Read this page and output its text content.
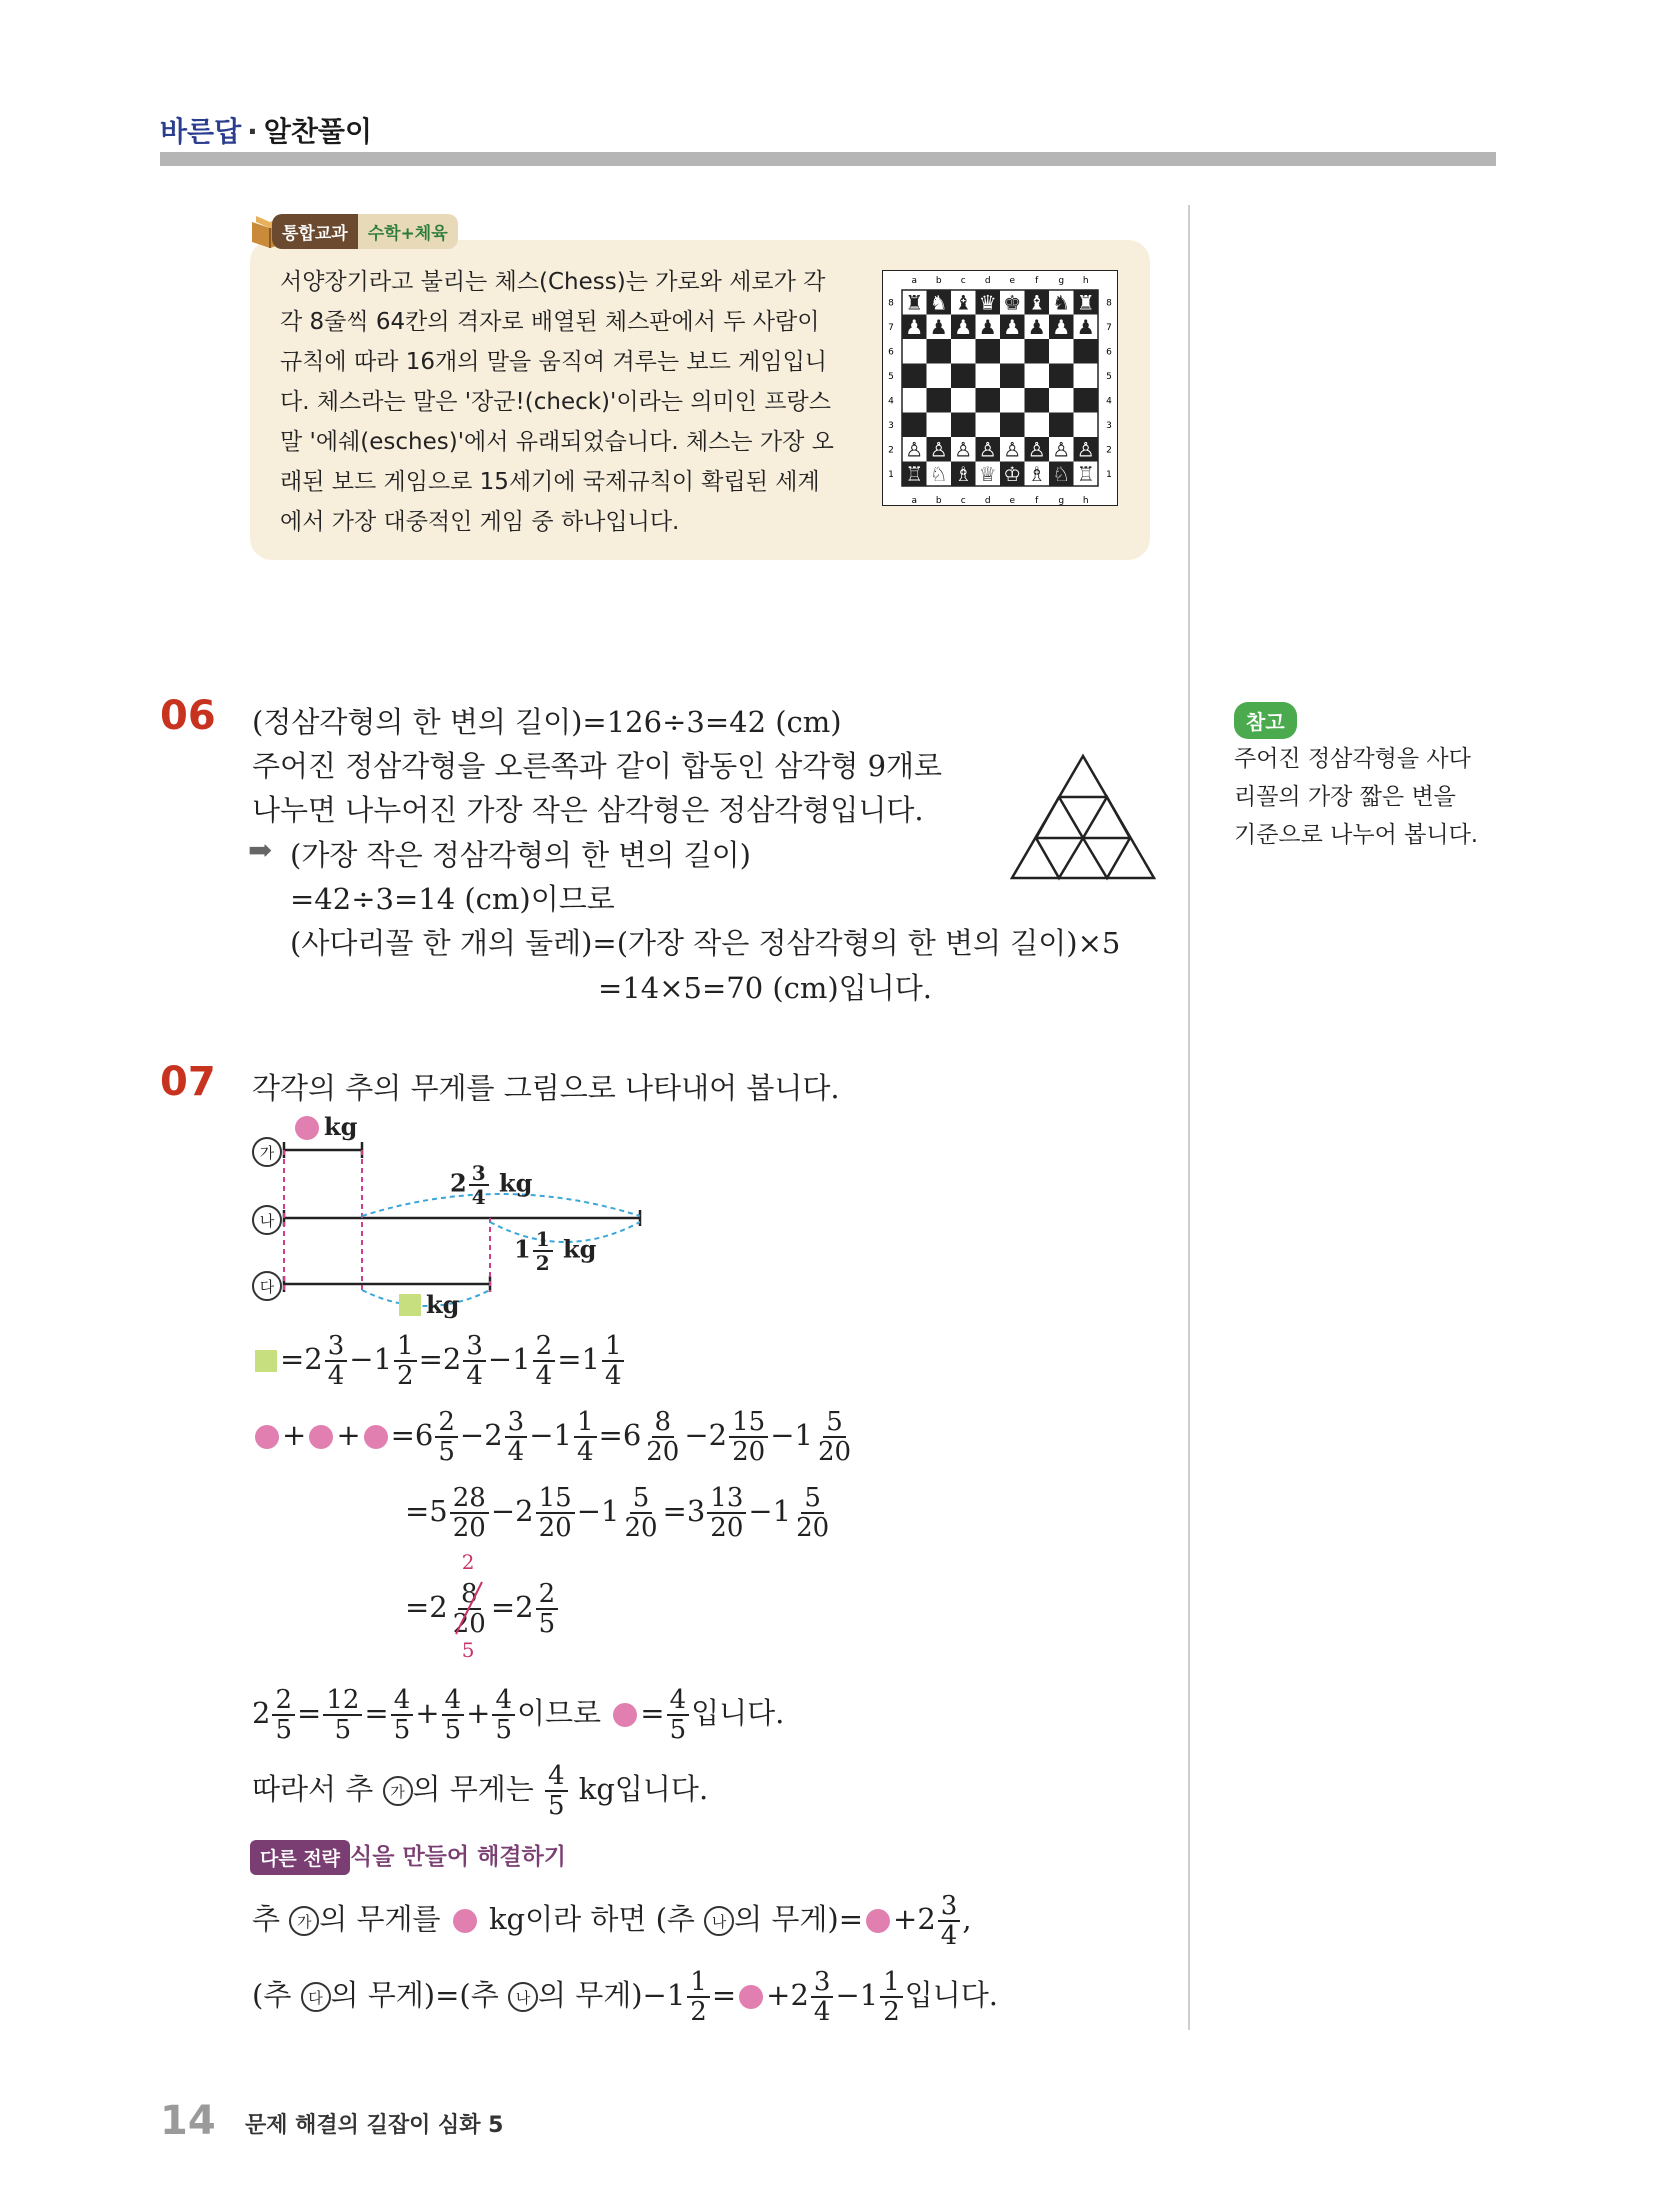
바른답 · 알찬풀이
통합교과	수학+체육
서양장기라고 불리는 체스(Chess)는 가로와 세로가 각
각 8줄씩 64칸의 격자로 배열된 체스판에서 두 사람이
규칙에 따라 16개의 말을 움직여 겨루는 보드 게임입니
다. 체스라는 말은 '장군!(check)'이라는 의미인 프랑스
말 '에쉐(esches)'에서 유래되었습니다. 체스는 가장 오
래된 보드 게임으로 15세기에 국제규칙이 확립된 세계
에서 가장 대중적인 게임 중 하나입니다.
a
a
b
b
c
c
d
d
e
e
f
f
g
g
h
h
8	8
7	7
6	6
5	5
4	4
3	3
2	2
1	1
♜ ♞ ♝ ♛ ♚ ♝ ♞ ♜
♟ ♟ ♟ ♟ ♟ ♟ ♟ ♟
♙ ♙ ♙ ♙ ♙ ♙ ♙ ♙
♖ ♘ ♗ ♕ ♔ ♗ ♘ ♖
참고
주어진 정삼각형을 사다
리꼴의 가장 짧은 변을
기준으로 나누어 봅니다.
06 (정삼각형의 한 변의 길이)=126÷3=42 (cm)
주어진 정삼각형을 오른쪽과 같이 합동인 삼각형 9개로
나누면 나누어진 가장 작은 삼각형은 정삼각형입니다.
➡ (가장 작은 정삼각형의 한 변의 길이)
=42÷3=14 (cm)이므로
(사다리꼴 한 개의 둘레)=(가장 작은 정삼각형의 한 변의 길이)×5
=14×5=70 (cm)입니다.
07 각각의 추의 무게를 그림으로 나타내어 봅니다.
가
나
다
kg
$2 \frac{3}{4}$ kg
$1 \frac{1}{2}$ kg
kg
$=2 \frac{3}{4} -1 \frac{1}{2} =2 \frac{3}{4} -1 \frac{2}{4} =1 \frac{1}{4}$
+ + $=6 \frac{2}{5} -2 \frac{3}{4} -1 \frac{1}{4} =6 \frac{8}{20} -2 \frac{15}{20} -1 \frac{5}{20}$
$=5 \frac{28}{20} -2 \frac{15}{20} -1 \frac{5}{20} =3 \frac{13}{20} -1 \frac{5}{20}$
=2
2
$\frac{8}{20}$
5
$=2 \frac{2}{5}$
$2 \frac{2}{5} = \frac{12}{5} = \frac{4}{5} + \frac{4}{5} + \frac{4}{5}$ 이므로 = $\frac{4}{5}$ 입니다.
따라서 추 가 의 무게는 $\frac{4}{5}$ kg입니다.
다른 전략 식을 만들어 해결하기
추 가 의 무게를 kg이라 하면 (추 나 의 무게)= $+2 \frac{3}{4}$ ,
(추 다 의 무게)=(추 나 의 무게)$-1 \frac{1}{2} = +2 \frac{3}{4} -1 \frac{1}{2}$ 입니다.
14 문제 해결의 길잡이 심화 5
